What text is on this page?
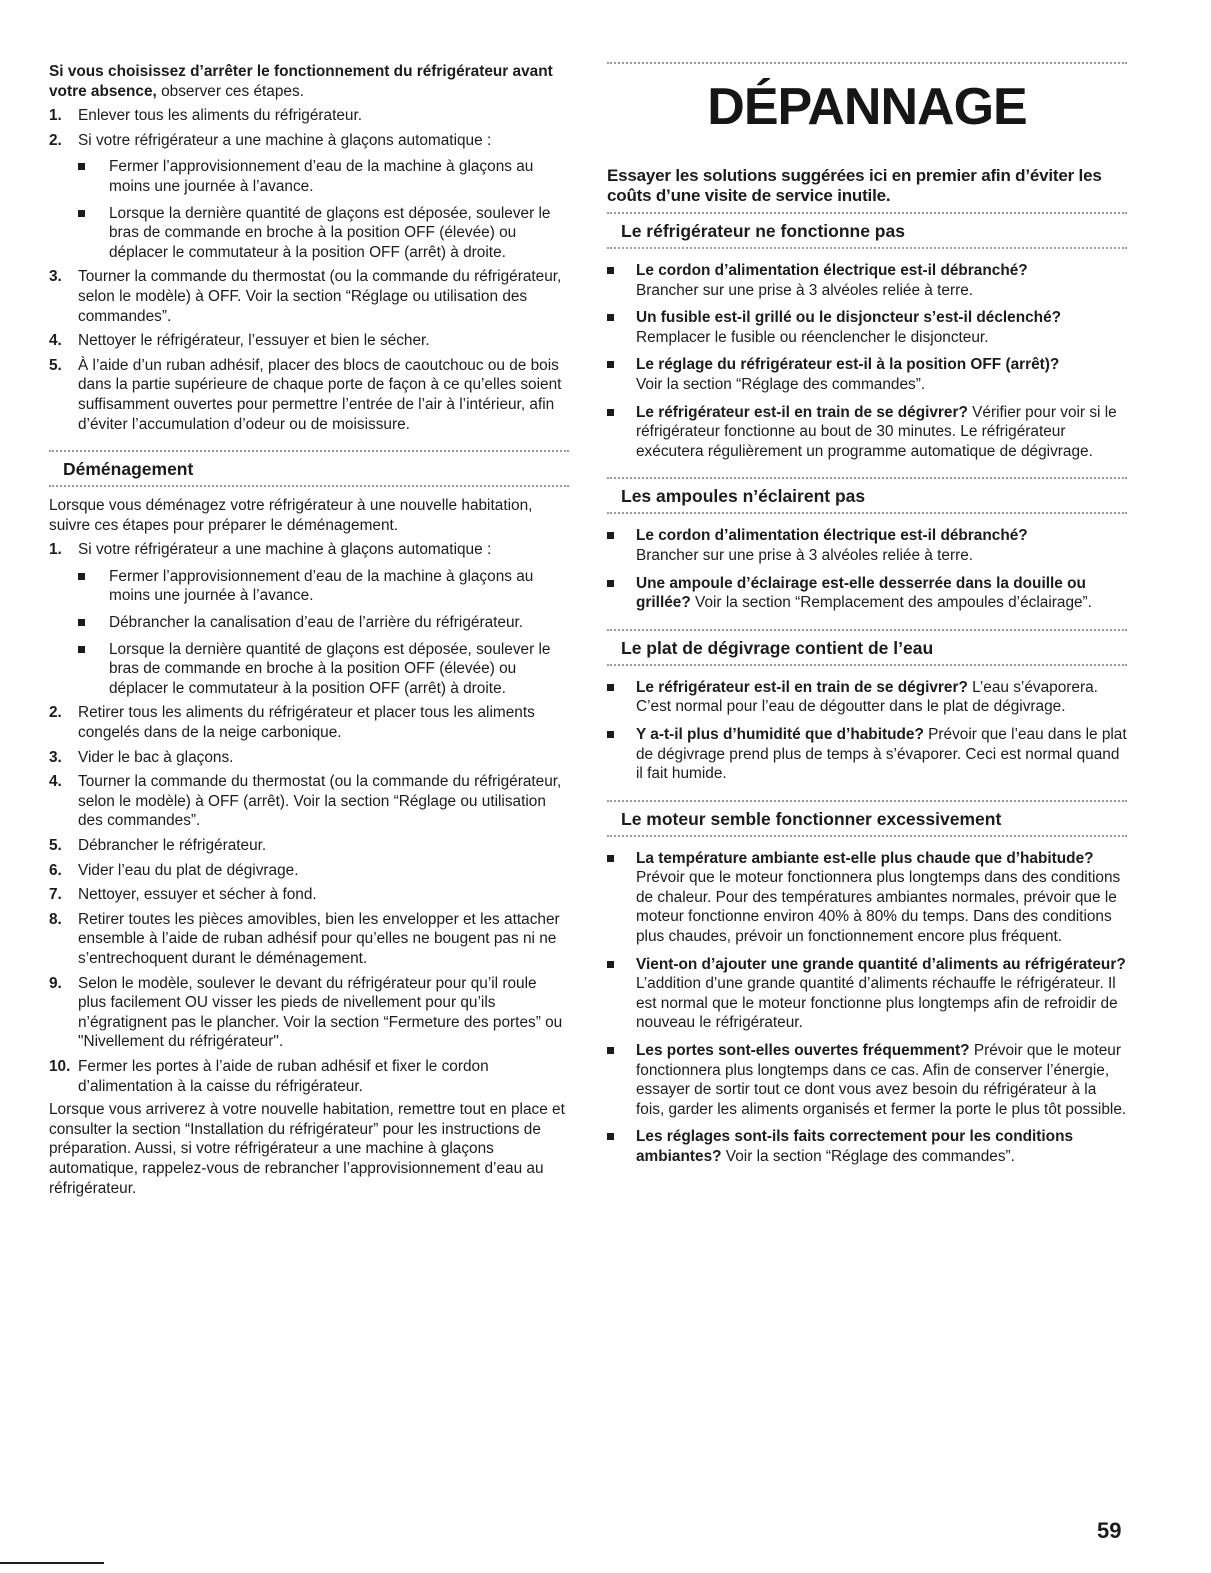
Si vous choisissez d’arrêter le fonctionnement du réfrigérateur avant votre absence, observer ces étapes.

1. Enlever tous les aliments du réfrigérateur.
2. Si votre réfrigérateur a une machine à glaçons automatique :
Fermer l’approvisionnement d’eau de la machine à glaçons au moins une journée à l’avance.
Lorsque la dernière quantité de glaçons est déposée, soulever le bras de commande en broche à la position OFF (élevée) ou déplacer le commutateur à la position OFF (arrêt) à droite.
3. Tourner la commande du thermostat (ou la commande du réfrigérateur, selon le modèle) à OFF. Voir la section “Réglage ou utilisation des commandes”.
4. Nettoyer le réfrigérateur, l’essuyer et bien le sécher.
5. À l’aide d’un ruban adhésif, placer des blocs de caoutchouc ou de bois dans la partie supérieure de chaque porte de façon à ce qu’elles soient suffisamment ouvertes pour permettre l’entrée de l’air à l’intérieur, afin d’éviter l’accumulation d’odeur ou de moisissure.
Déménagement

Lorsque vous déménagez votre réfrigérateur à une nouvelle habitation, suivre ces étapes pour préparer le déménagement.

1. Si votre réfrigérateur a une machine à glaçons automatique :
Fermer l’approvisionnement d’eau de la machine à glaçons au moins une journée à l’avance.
Débrancher la canalisation d’eau de l’arrière du réfrigérateur.
Lorsque la dernière quantité de glaçons est déposée, soulever le bras de commande en broche à la position OFF (élevée) ou déplacer le commutateur à la position OFF (arrêt) à droite.
2. Retirer tous les aliments du réfrigérateur et placer tous les aliments congelés dans de la neige carbonique.
3. Vider le bac à glaçons.
4. Tourner la commande du thermostat (ou la commande du réfrigérateur, selon le modèle) à OFF (arrêt). Voir la section “Réglage ou utilisation des commandes”.
5. Débrancher le réfrigérateur.
6. Vider l’eau du plat de dégivrage.
7. Nettoyer, essuyer et sécher à fond.
8. Retirer toutes les pièces amovibles, bien les envelopper et les attacher ensemble à l’aide de ruban adhésif pour qu’elles ne bougent pas ni ne s’entrechoquent durant le déménagement.
9. Selon le modèle, soulever le devant du réfrigérateur pour qu’il roule plus facilement OU visser les pieds de nivellement pour qu’ils n’égratignent pas le plancher. Voir la section “Fermeture des portes” ou "Nivellement du réfrigérateur".
10. Fermer les portes à l’aide de ruban adhésif et fixer le cordon d’alimentation à la caisse du réfrigérateur.

Lorsque vous arriverez à votre nouvelle habitation, remettre tout en place et consulter la section “Installation du réfrigérateur” pour les instructions de préparation. Aussi, si votre réfrigérateur a une machine à glaçons automatique, rappelez-vous de rebrancher l’approvisionnement d’eau au réfrigérateur.

DÉPANNAGE

Essayer les solutions suggérées ici en premier afin d’éviter les coûts d’une visite de service inutile.

Le réfrigérateur ne fonctionne pas
Le cordon d’alimentation électrique est-il débranché?
Brancher sur une prise à 3 alvéoles reliée à terre.
Un fusible est-il grillé ou le disjoncteur s’est-il déclenché?
Remplacer le fusible ou réenclencher le disjoncteur.
Le réglage du réfrigérateur est-il à la position OFF (arrêt)?
Voir la section “Réglage des commandes”.
Le réfrigérateur est-il en train de se dégivrer? Vérifier pour voir si le réfrigérateur fonctionne au bout de 30 minutes. Le réfrigérateur exécutera régulièrement un programme automatique de dégivrage.
Les ampoules n’éclairent pas
Le cordon d’alimentation électrique est-il débranché?
Brancher sur une prise à 3 alvéoles reliée à terre.
Une ampoule d’éclairage est-elle desserrée dans la douille ou grillée? Voir la section “Remplacement des ampoules d’éclairage”.
Le plat de dégivrage contient de l’eau
Le réfrigérateur est-il en train de se dégivrer? L’eau s’évaporera. C’est normal pour l’eau de dégoutter dans le plat de dégivrage.
Y a-t-il plus d’humidité que d’habitude? Prévoir que l’eau dans le plat de dégivrage prend plus de temps à s’évaporer. Ceci est normal quand il fait humide.
Le moteur semble fonctionner excessivement
La température ambiante est-elle plus chaude que d’habitude? Prévoir que le moteur fonctionnera plus longtemps dans des conditions de chaleur. Pour des températures ambiantes normales, prévoir que le moteur fonctionne environ 40% à 80% du temps. Dans des conditions plus chaudes, prévoir un fonctionnement encore plus fréquent.
Vient-on d’ajouter une grande quantité d’aliments au réfrigérateur? L’addition d’une grande quantité d’aliments réchauffe le réfrigérateur. Il est normal que le moteur fonctionne plus longtemps afin de refroidir de nouveau le réfrigérateur.
Les portes sont-elles ouvertes fréquemment? Prévoir que le moteur fonctionnera plus longtemps dans ce cas. Afin de conserver l’énergie, essayer de sortir tout ce dont vous avez besoin du réfrigérateur à la fois, garder les aliments organisés et fermer la porte le plus tôt possible.
Les réglages sont-ils faits correctement pour les conditions ambiantes? Voir la section “Réglage des commandes”.
59
